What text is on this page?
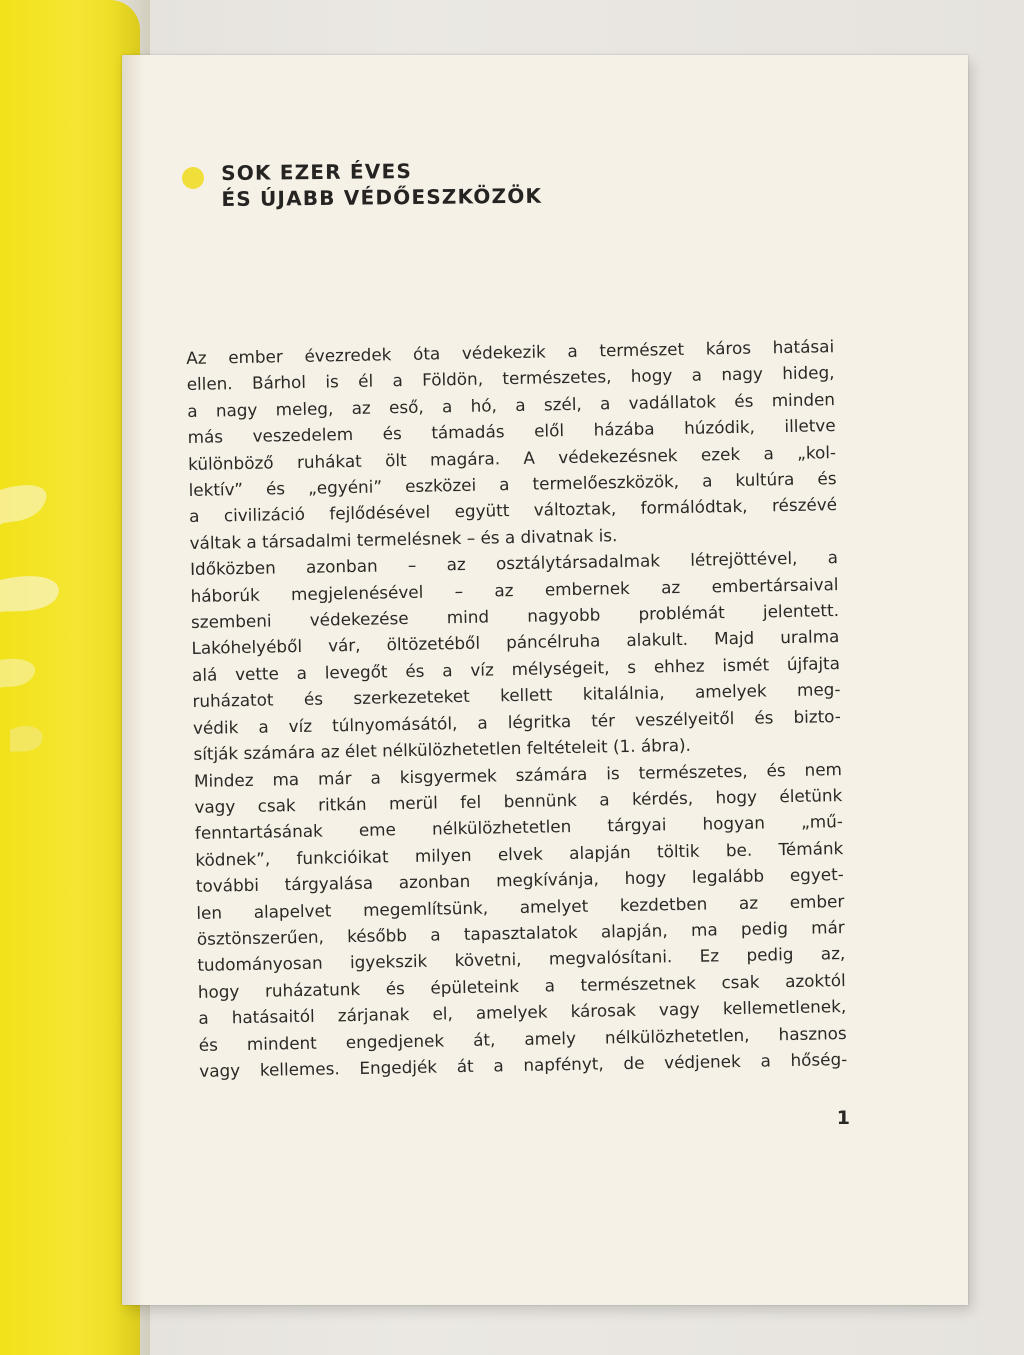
SOK EZER ÉVES
ÉS ÚJABB VÉDŐESZKÖZÖK
Az ember évezredek óta védekezik a természet káros hatásai
ellen. Bárhol is él a Földön, természetes, hogy a nagy hideg,
a nagy meleg, az eső, a hó, a szél, a vadállatok és minden
más veszedelem és támadás elől házába húzódik, illetve
különböző ruhákat ölt magára. A védekezésnek ezek a „kol-
lektív” és „egyéni” eszközei a termelőeszközök, a kultúra és
a civilizáció fejlődésével együtt változtak, formálódtak, részévé
váltak
a
társadalmi
termelésnek
–
és
a
divatnak
is.
Időközben azonban – az osztálytársadalmak létrejöttével, a
háborúk megjelenésével – az embernek az embertársaival
szembeni védekezése mind nagyobb problémát jelentett.
Lakóhelyéből vár, öltözetéből páncélruha alakult. Majd uralma
alá vette a levegőt és a víz mélységeit, s ehhez ismét újfajta
ruházatot és szerkezeteket kellett kitalálnia, amelyek meg-
védik a víz túlnyomásától, a légritka tér veszélyeitől és bizto-
sítják
számára
az
élet
nélkülözhetetlen
feltételeit
(1.
ábra).
Mindez ma már a kisgyermek számára is természetes, és nem
vagy csak ritkán merül fel bennünk a kérdés, hogy életünk
fenntartásának eme nélkülözhetetlen tárgyai hogyan „mű-
ködnek”, funkcióikat milyen elvek alapján töltik be. Témánk
további tárgyalása azonban megkívánja, hogy legalább egyet-
len alapelvet megemlítsünk, amelyet kezdetben az ember
ösztönszerűen, később a tapasztalatok alapján, ma pedig már
tudományosan igyekszik követni, megvalósítani. Ez pedig az,
hogy ruházatunk és épületeink a természetnek csak azoktól
a hatásaitól zárjanak el, amelyek károsak vagy kellemetlenek,
és mindent engedjenek át, amely nélkülözhetetlen, hasznos
vagy kellemes. Engedjék át a napfényt, de védjenek a hőség-
1
